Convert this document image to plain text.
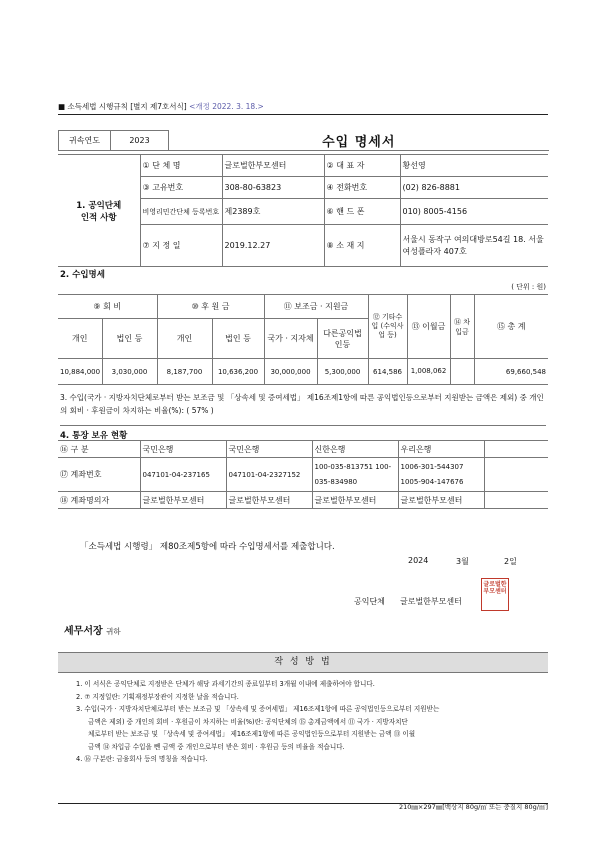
■ 소득세법 시행규칙 [별지 제7호서식] <개정 2022. 3. 18.>
귀속연도	2023	수입 명세서
1. 공익단체
인적 사항	① 단 체 명	글로벌한부모센터	② 대 표 자	황선영
	③ 고유번호	308-80-63823	④ 전화번호	(02) 826-8881
	비영리민간단체 등록번호	제2389호	⑥ 핸 드 폰	010) 8005-4156
	⑦ 지 정 일	2019.12.27	⑧ 소 재 지	서울시 동작구 여의대방로54길 18. 서울여성플라자 407호
2. 수입명세
( 단위 : 원)
⑨ 회 비		⑩ 후 원 금		⑪ 보조금 · 지원금		⑫ 기타수입 (수익사업 등)	⑬ 이월금	⑭ 차입금	⑮ 총 계
개인	법인 등	개인	법인 등	국가 · 지자체	다른공익법인등				
10,884,000	3,030,000	8,187,700	10,636,200	30,000,000	5,300,000	614,586	1,008,062		69,660,548
3. 수입(국가 · 지방자치단체로부터 받는 보조금 및 「상속세 및 증여세법」 제16조제1항에 따른 공익법인등으로부터 지원받는 금액은 제외) 중 개인의 회비 · 후원금이 차지하는 비율(%): ( 57% )
4. 통장 보유 현황
⑯ 구 분	국민은행	국민은행	신한은행	우리은행	
⑰ 계좌번호	047101-04-237165	047101-04-2327152	100-035-813751 100-035-834980	1006-301-544307 1005-904-147676	
⑱ 계좌명의자	글로벌한부모센터	글로벌한부모센터	글로벌한부모센터	글로벌한부모센터	
「소득세법 시행령」 제80조제5항에 따라 수입명세서를 제출합니다.
2024	3월	2일
공익단체 글로벌한부모센터
글로벌한부모센터
세무서장 귀하
작 성 방 법
1. 이 서식은 공익단체로 지정받은 단체가 해당 과세기간의 종료일부터 3개월 이내에 제출하여야 합니다.
2. ⑦ 지정일란: 기획재정부장관이 지정한 날을 적습니다.
3. 수입(국가 · 지방자치단체로부터 받는 보조금 및 「상속세 및 증여세법」 제16조제1항에 따른 공익법인등으로부터 지원받는
금액은 제외) 중 개인의 회비 · 후원금이 차지하는 비율(%)란: 공익단체의 ⑮ 총계금액에서 ⑪ 국가 · 지방자치단
체로부터 받는 보조금 및 「상속세 및 증여세법」 제16조제1항에 따른 공익법인등으로부터 지원받는 금액 ⑬ 이월
금액 ⑭ 차입금 수입을 뺀 금액 중 개인으로부터 받은 회비 · 후원금 등의 비율을 적습니다.
4. ⑯ 구분란: 금융회사 등의 명칭을 적습니다.
210㎜×297㎜[백상지 80g/㎡ 또는 중질지 80g/㎡]
